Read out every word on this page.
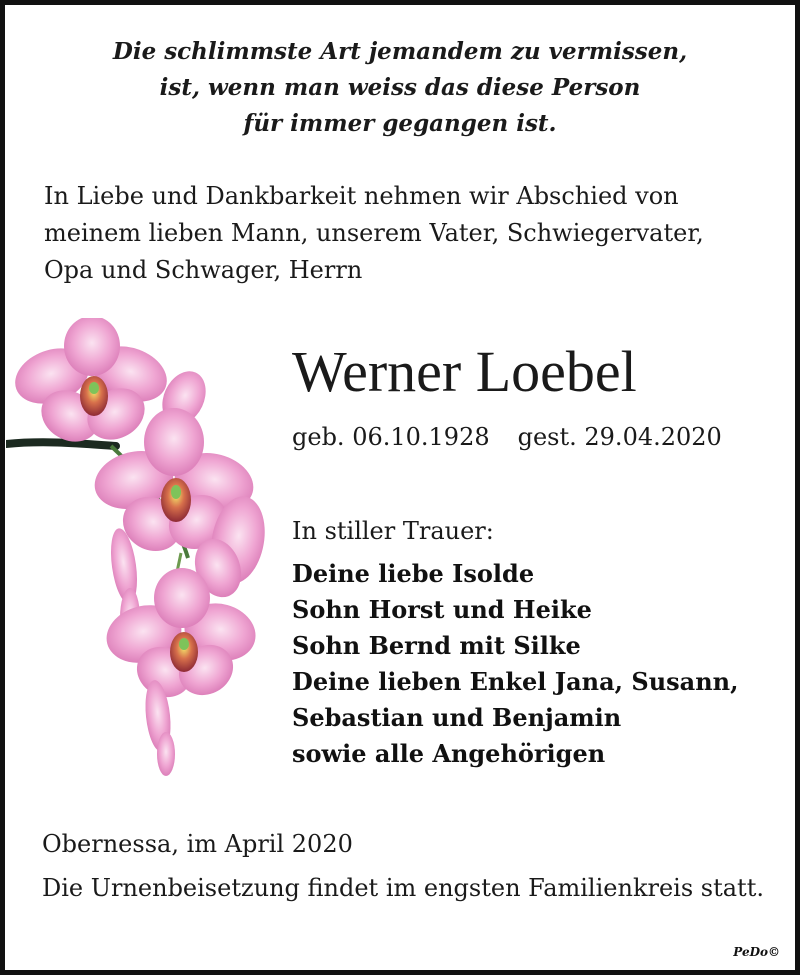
Die schlimmste Art jemandem zu vermissen,
ist, wenn man weiss das diese Person
für immer gegangen ist.
In Liebe und Dankbarkeit nehmen wir Abschied von
meinem lieben Mann, unserem Vater, Schwiegervater,
Opa und Schwager, Herrn
Werner Loebel
geb. 06.10.1928 gest. 29.04.2020
In stiller Trauer:
Deine liebe Isolde
Sohn Horst und Heike
Sohn Bernd mit Silke
Deine lieben Enkel Jana, Susann,
Sebastian und Benjamin
sowie alle Angehörigen
Obernessa, im April 2020
Die Urnenbeisetzung findet im engsten Familienkreis statt.
PeDo©
